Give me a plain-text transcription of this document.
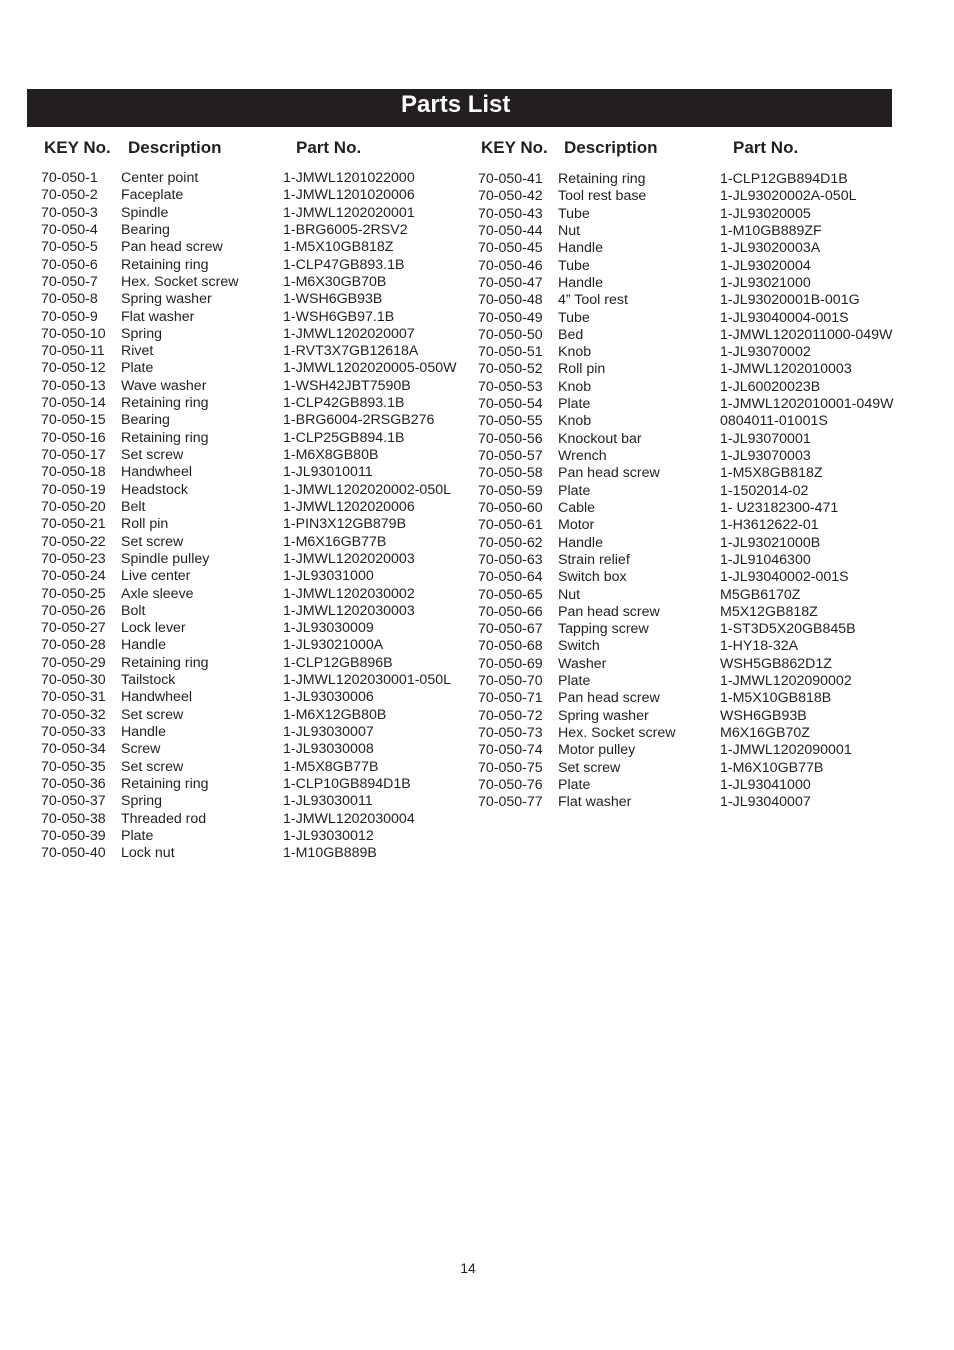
Parts List
KEY No. Description	Part No.	KEY No. Description	Part No.
70-050-1 Center point	1-JMWL1201022000
70-050-2 Faceplate	1-JMWL1201020006
70-050-3 Spindle	1-JMWL1202020001
70-050-4 Bearing	1-BRG6005-2RSV2
70-050-5 Pan head screw	1-M5X10GB818Z
70-050-6 Retaining ring	1-CLP47GB893.1B
70-050-7 Hex. Socket screw	1-M6X30GB70B
70-050-8 Spring washer	1-WSH6GB93B
70-050-9 Flat washer	1-WSH6GB97.1B
70-050-10 Spring	1-JMWL1202020007
70-050-11 Rivet	1-RVT3X7GB12618A
70-050-12 Plate	1-JMWL1202020005-050W
70-050-13 Wave washer	1-WSH42JBT7590B
70-050-14 Retaining ring	1-CLP42GB893.1B
70-050-15 Bearing	1-BRG6004-2RSGB276
70-050-16 Retaining ring	1-CLP25GB894.1B
70-050-17 Set screw	1-M6X8GB80B
70-050-18 Handwheel	1-JL93010011
70-050-19 Headstock	1-JMWL1202020002-050L
70-050-20 Belt	1-JMWL1202020006
70-050-21 Roll pin	1-PIN3X12GB879B
70-050-22 Set screw	1-M6X16GB77B
70-050-23 Spindle pulley	1-JMWL1202020003
70-050-24 Live center	1-JL93031000
70-050-25 Axle sleeve	1-JMWL1202030002
70-050-26 Bolt	1-JMWL1202030003
70-050-27 Lock lever	1-JL93030009
70-050-28 Handle	1-JL93021000A
70-050-29 Retaining ring	1-CLP12GB896B
70-050-30 Tailstock	1-JMWL1202030001-050L
70-050-31 Handwheel	1-JL93030006
70-050-32 Set screw	1-M6X12GB80B
70-050-33 Handle	1-JL93030007
70-050-34 Screw	1-JL93030008
70-050-35 Set screw	1-M5X8GB77B
70-050-36 Retaining ring	1-CLP10GB894D1B
70-050-37 Spring	1-JL93030011
70-050-38 Threaded rod	1-JMWL1202030004
70-050-39 Plate	1-JL93030012
70-050-40 Lock nut	1-M10GB889B
70-050-41 Retaining ring	1-CLP12GB894D1B
70-050-42 Tool rest base	1-JL93020002A-050L
70-050-43 Tube	1-JL93020005
70-050-44 Nut	1-M10GB889ZF
70-050-45 Handle	1-JL93020003A
70-050-46 Tube	1-JL93020004
70-050-47 Handle	1-JL93021000
70-050-48 4” Tool rest	1-JL93020001B-001G
70-050-49 Tube	1-JL93040004-001S
70-050-50 Bed	1-JMWL1202011000-049W
70-050-51 Knob	1-JL93070002
70-050-52 Roll pin	1-JMWL1202010003
70-050-53 Knob	1-JL60020023B
70-050-54 Plate	1-JMWL1202010001-049W
70-050-55 Knob	0804011-01001S
70-050-56 Knockout bar	1-JL93070001
70-050-57 Wrench	1-JL93070003
70-050-58 Pan head screw	1-M5X8GB818Z
70-050-59 Plate	1-1502014-02
70-050-60 Cable	1- U23182300-471
70-050-61 Motor	1-H3612622-01
70-050-62 Handle	1-JL93021000B
70-050-63 Strain relief	1-JL91046300
70-050-64 Switch box	1-JL93040002-001S
70-050-65 Nut	M5GB6170Z
70-050-66 Pan head screw	M5X12GB818Z
70-050-67 Tapping screw	1-ST3D5X20GB845B
70-050-68 Switch	1-HY18-32A
70-050-69 Washer	WSH5GB862D1Z
70-050-70 Plate	1-JMWL1202090002
70-050-71 Pan head screw	1-M5X10GB818B
70-050-72 Spring washer	WSH6GB93B
70-050-73 Hex. Socket screw	M6X16GB70Z
70-050-74 Motor pulley	1-JMWL1202090001
70-050-75 Set screw	1-M6X10GB77B
70-050-76 Plate	1-JL93041000
70-050-77 Flat washer	1-JL93040007
14
